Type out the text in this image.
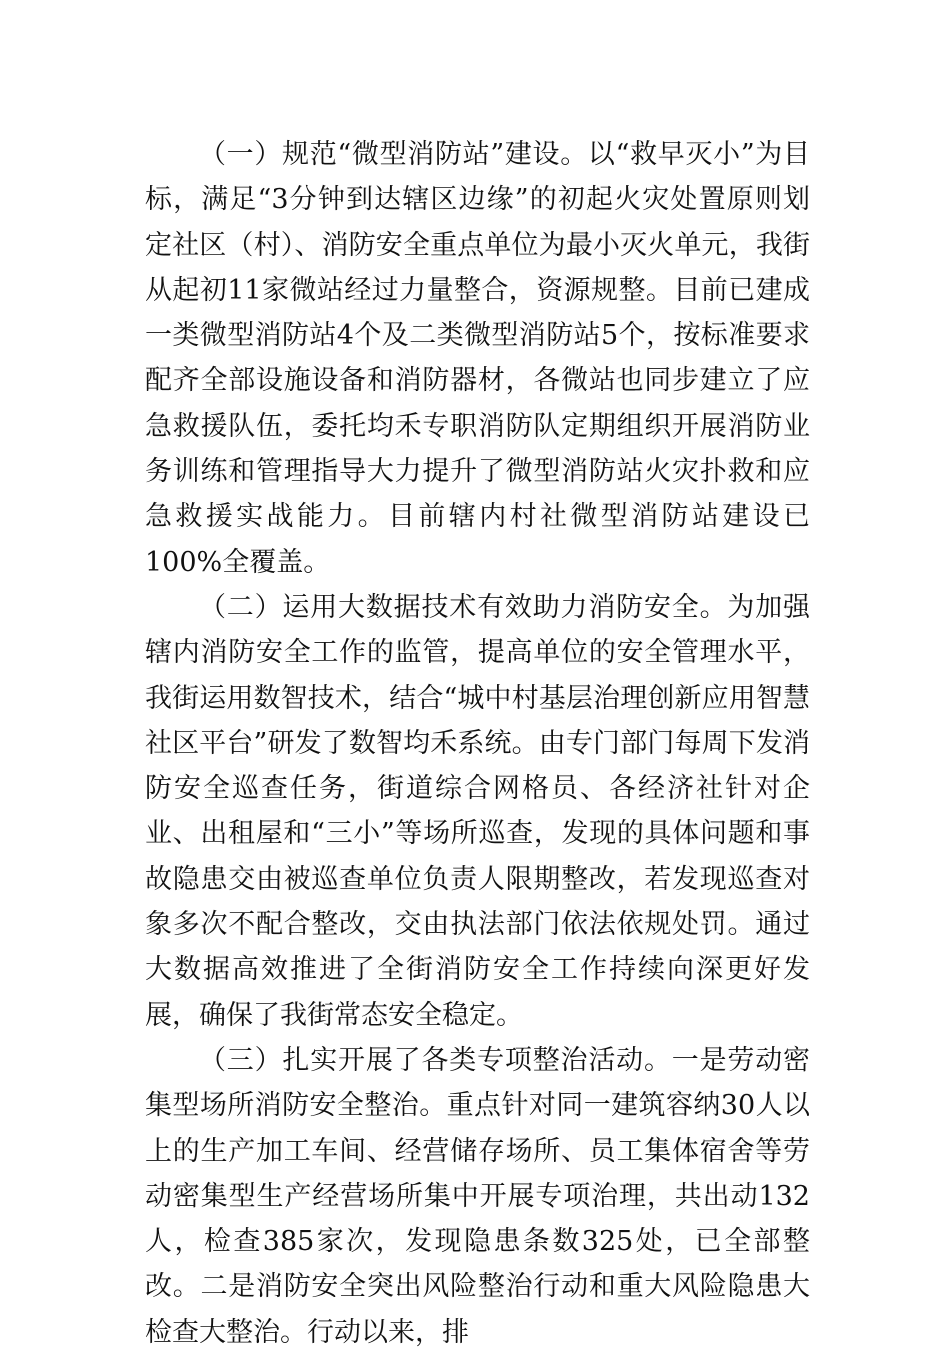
（一）规范“微型消防站”建设。以“救早灭小”为目标，满足“3分钟到达辖区边缘”的初起火灾处置原则划定社区（村）、消防安全重点单位为最小灭火单元，我街从起初11家微站经过力量整合，资源规整。目前已建成一类微型消防站4个及二类微型消防站5个，按标准要求配齐全部设施设备和消防器材，各微站也同步建立了应急救援队伍，委托均禾专职消防队定期组织开展消防业务训练和管理指导大力提升了微型消防站火灾扑救和应急救援实战能力。目前辖内村社微型消防站建设已100%全覆盖。

（二）运用大数据技术有效助力消防安全。为加强辖内消防安全工作的监管，提高单位的安全管理水平，我街运用数智技术，结合“城中村基层治理创新应用智慧社区平台”研发了数智均禾系统。由专门部门每周下发消防安全巡查任务，街道综合网格员、各经济社针对企业、出租屋和“三小”等场所巡查，发现的具体问题和事故隐患交由被巡查单位负责人限期整改，若发现巡查对象多次不配合整改，交由执法部门依法依规处罚。通过大数据高效推进了全街消防安全工作持续向深更好发展，确保了我街常态安全稳定。

（三）扎实开展了各类专项整治活动。一是劳动密集型场所消防安全整治。重点针对同一建筑容纳30人以上的生产加工车间、经营储存场所、员工集体宿舍等劳动密集型生产经营场所集中开展专项治理，共出动132人，检查385家次，发现隐患条数325处，已全部整改。二是消防安全突出风险整治行动和重大风险隐患大检查大整治。行动以来，排
